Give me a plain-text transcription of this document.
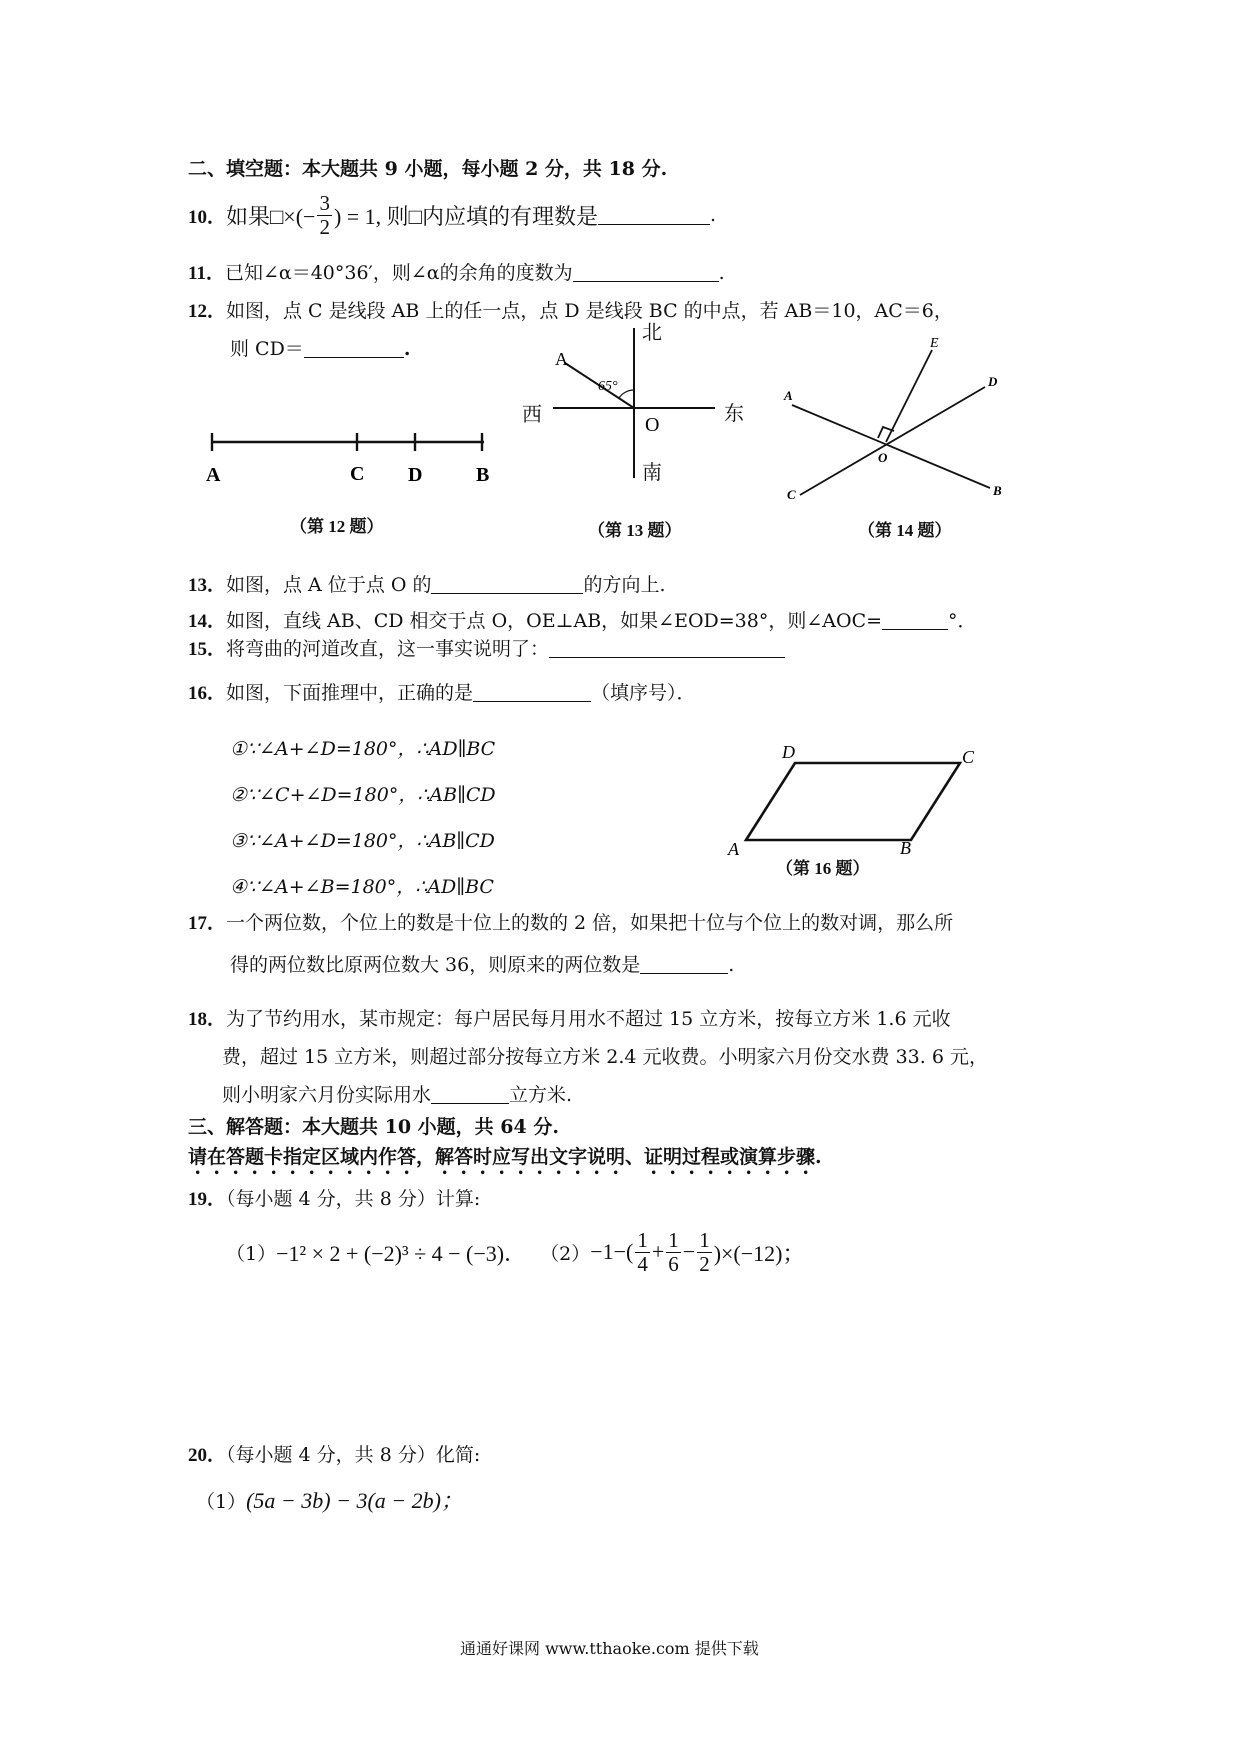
二、填空题：本大题共 9 小题，每小题 2 分，共 18 分.
10． 如果□×(− $\frac{3}{2}$ ) = 1, 则□内应填的有理数是	.
11．已知∠α＝40°36′，则∠α的余角的度数为	.
12．如图，点 C 是线段 AB 上的任一点，点 D 是线段 BC 的中点，若 AB＝10，AC＝6，
则 CD＝	.
A	C D	B
（第 12 题）
A
65°
O
北
南
西	东
（第 13 题）
A
B
C
D
E
O
（第 14 题）
13．如图，点 A 位于点 O 的	的方向上.
14．如图，直线 AB、CD 相交于点 O，OE⊥AB，如果∠EOD=38°，则∠AOC=	°．
15．将弯曲的河道改直，这一事实说明了：
16．如图，下面推理中，正确的是	（填序号）．
①∵∠A+∠D=180°，∴AD∥BC
②∵∠C+∠D=180°，∴AB∥CD
③∵∠A+∠D=180°，∴AB∥CD
④∵∠A+∠B=180°，∴AD∥BC
A	B
C
D
（第 16 题）
17．一个两位数，个位上的数是十位上的数的 2 倍，如果把十位与个位上的数对调，那么所
得的两位数比原两位数大 36，则原来的两位数是	.
18．为了节约用水，某市规定：每户居民每月用水不超过 15 立方米，按每立方米 1.6 元收
费，超过 15 立方米，则超过部分按每立方米 2.4 元收费。小明家六月份交水费 33. 6 元，
则小明家六月份实际用水	立方米.
三、解答题：本大题共 10 小题，共 64 分.
请在答题卡指定区域内作答，解答时应写出文字说明、证明过程或演算步骤.
19．（每小题 4 分，共 8 分）计算:
（1） −1² × 2 + (−2)³ ÷ 4 − (−3)． $(2) -1-( \frac{1}{4} + \frac{1}{6} - \frac{1}{2} )\times(-12)$；
20．（每小题 4 分，共 8 分）化简:
（1）(5a − 3b) − 3(a − 2b)；
通通好课网 www.tthaoke.com 提供下载
